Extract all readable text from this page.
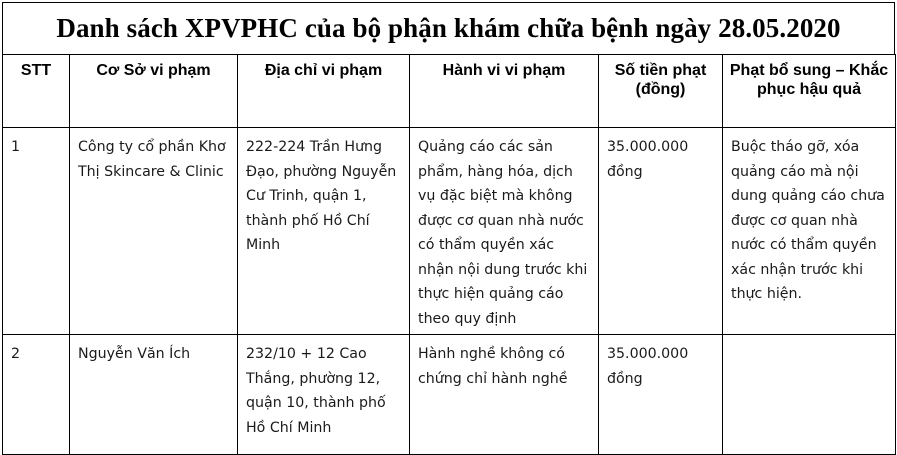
Danh sách XPVPHC của bộ phận khám chữa bệnh ngày 28.05.2020
STT	Cơ Sở vi phạm	Địa chỉ vi phạm	Hành vi vi phạm	Số tiền phạt (đồng)	Phạt bổ sung – Khắc phục hậu quả
1	Công ty cổ phần Khơ Thị Skincare & Clinic	222-224 Trần Hưng Đạo, phường Nguyễn Cư Trinh, quận 1, thành phố Hồ Chí Minh	Quảng cáo các sản phẩm, hàng hóa, dịch vụ đặc biệt mà không được cơ quan nhà nước có thẩm quyền xác nhận nội dung trước khi thực hiện quảng cáo theo quy định	35.000.000 đồng	Buộc tháo gỡ, xóa quảng cáo mà nội dung quảng cáo chưa được cơ quan nhà nước có thẩm quyền xác nhận trước khi thực hiện.
2	Nguyễn Văn Ích	232/10 + 12 Cao Thắng, phường 12, quận 10, thành phố Hồ Chí Minh	Hành nghề không có chứng chỉ hành nghề	35.000.000 đồng	
